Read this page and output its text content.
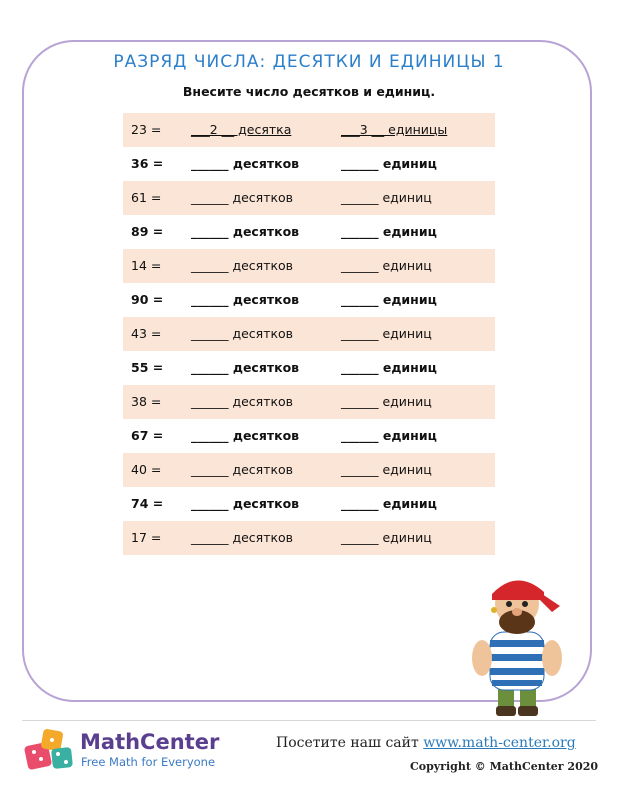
РАЗРЯД ЧИСЛА: ДЕСЯТКИ И ЕДИНИЦЫ 1
Внесите число десятков и единиц.
23 = ___2 __ десятка	___3 __ единицы
36 = ______ десятков	______ единиц
61 = ______ десятков	______ единиц
89 = ______ десятков	______ единиц
14 = ______ десятков	______ единиц
90 = ______ десятков	______ единиц
43 = ______ десятков	______ единиц
55 = ______ десятков	______ единиц
38 = ______ десятков	______ единиц
67 = ______ десятков	______ единиц
40 = ______ десятков	______ единиц
74 = ______ десятков	______ единиц
17 = ______ десятков	______ единиц
MathCenter
Free Math for Everyone
Посетите наш сайт www.math-center.org
Copyright © MathCenter 2020
